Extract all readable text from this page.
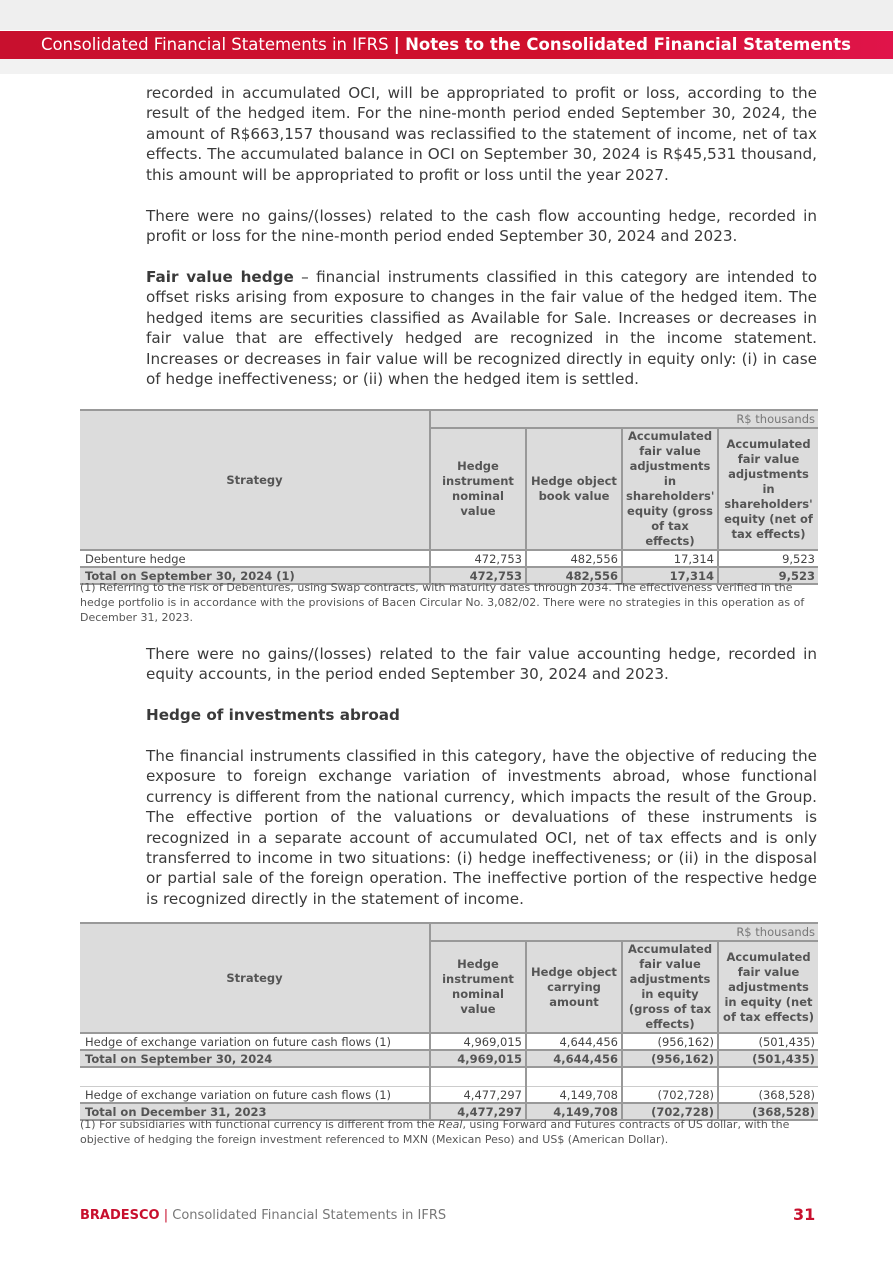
Consolidated Financial Statements in IFRS | Notes to the Consolidated Financial Statements

recorded in accumulated OCI, will be appropriated to profit or loss, according to the result of the hedged item. For the nine-month period ended September 30, 2024, the amount of R$663,157 thousand was reclassified to the statement of income, net of tax effects. The accumulated balance in OCI on September 30, 2024 is R$45,531 thousand, this amount will be appropriated to profit or loss until the year 2027.

There were no gains/(losses) related to the cash flow accounting hedge, recorded in profit or loss for the nine-month period ended September 30, 2024 and 2023.

Fair value hedge – financial instruments classified in this category are intended to offset risks arising from exposure to changes in the fair value of the hedged item. The hedged items are securities classified as Available for Sale. Increases or decreases in fair value that are effectively hedged are recognized in the income statement. Increases or decreases in fair value will be recognized directly in equity only: (i) in case of hedge ineffectiveness; or (ii) when the hedged item is settled.

Strategy	R$ thousands			
	Hedge instrument nominal value	Hedge object book value	Accumulated fair value adjustments in shareholders' equity (gross of tax effects)	Accumulated fair value adjustments in shareholders' equity (net of tax effects)
Debenture hedge	472,753	482,556	17,314	9,523
Total on September 30, 2024 (1)	472,753	482,556	17,314	9,523

(1) Referring to the risk of Debentures, using Swap contracts, with maturity dates through 2034. The effectiveness verified in the hedge portfolio is in accordance with the provisions of Bacen Circular No. 3,082/02. There were no strategies in this operation as of December 31, 2023.

There were no gains/(losses) related to the fair value accounting hedge, recorded in equity accounts, in the period ended September 30, 2024 and 2023.

Hedge of investments abroad

The financial instruments classified in this category, have the objective of reducing the exposure to foreign exchange variation of investments abroad, whose functional currency is different from the national currency, which impacts the result of the Group. The effective portion of the valuations or devaluations of these instruments is recognized in a separate account of accumulated OCI, net of tax effects and is only transferred to income in two situations: (i) hedge ineffectiveness; or (ii) in the disposal or partial sale of the foreign operation. The ineffective portion of the respective hedge is recognized directly in the statement of income.

Strategy	R$ thousands			
	Hedge instrument nominal value	Hedge object carrying amount	Accumulated fair value adjustments in equity (gross of tax effects)	Accumulated fair value adjustments in equity (net of tax effects)
Hedge of exchange variation on future cash flows (1)	4,969,015	4,644,456	(956,162)	(501,435)
Total on September 30, 2024	4,969,015	4,644,456	(956,162)	(501,435)

Hedge of exchange variation on future cash flows (1)	4,477,297	4,149,708	(702,728)	(368,528)
Total on December 31, 2023	4,477,297	4,149,708	(702,728)	(368,528)

(1) For subsidiaries with functional currency is different from the Real, using Forward and Futures contracts of US dollar, with the objective of hedging the foreign investment referenced to MXN (Mexican Peso) and US$ (American Dollar).

BRADESCO | Consolidated Financial Statements in IFRS	31
